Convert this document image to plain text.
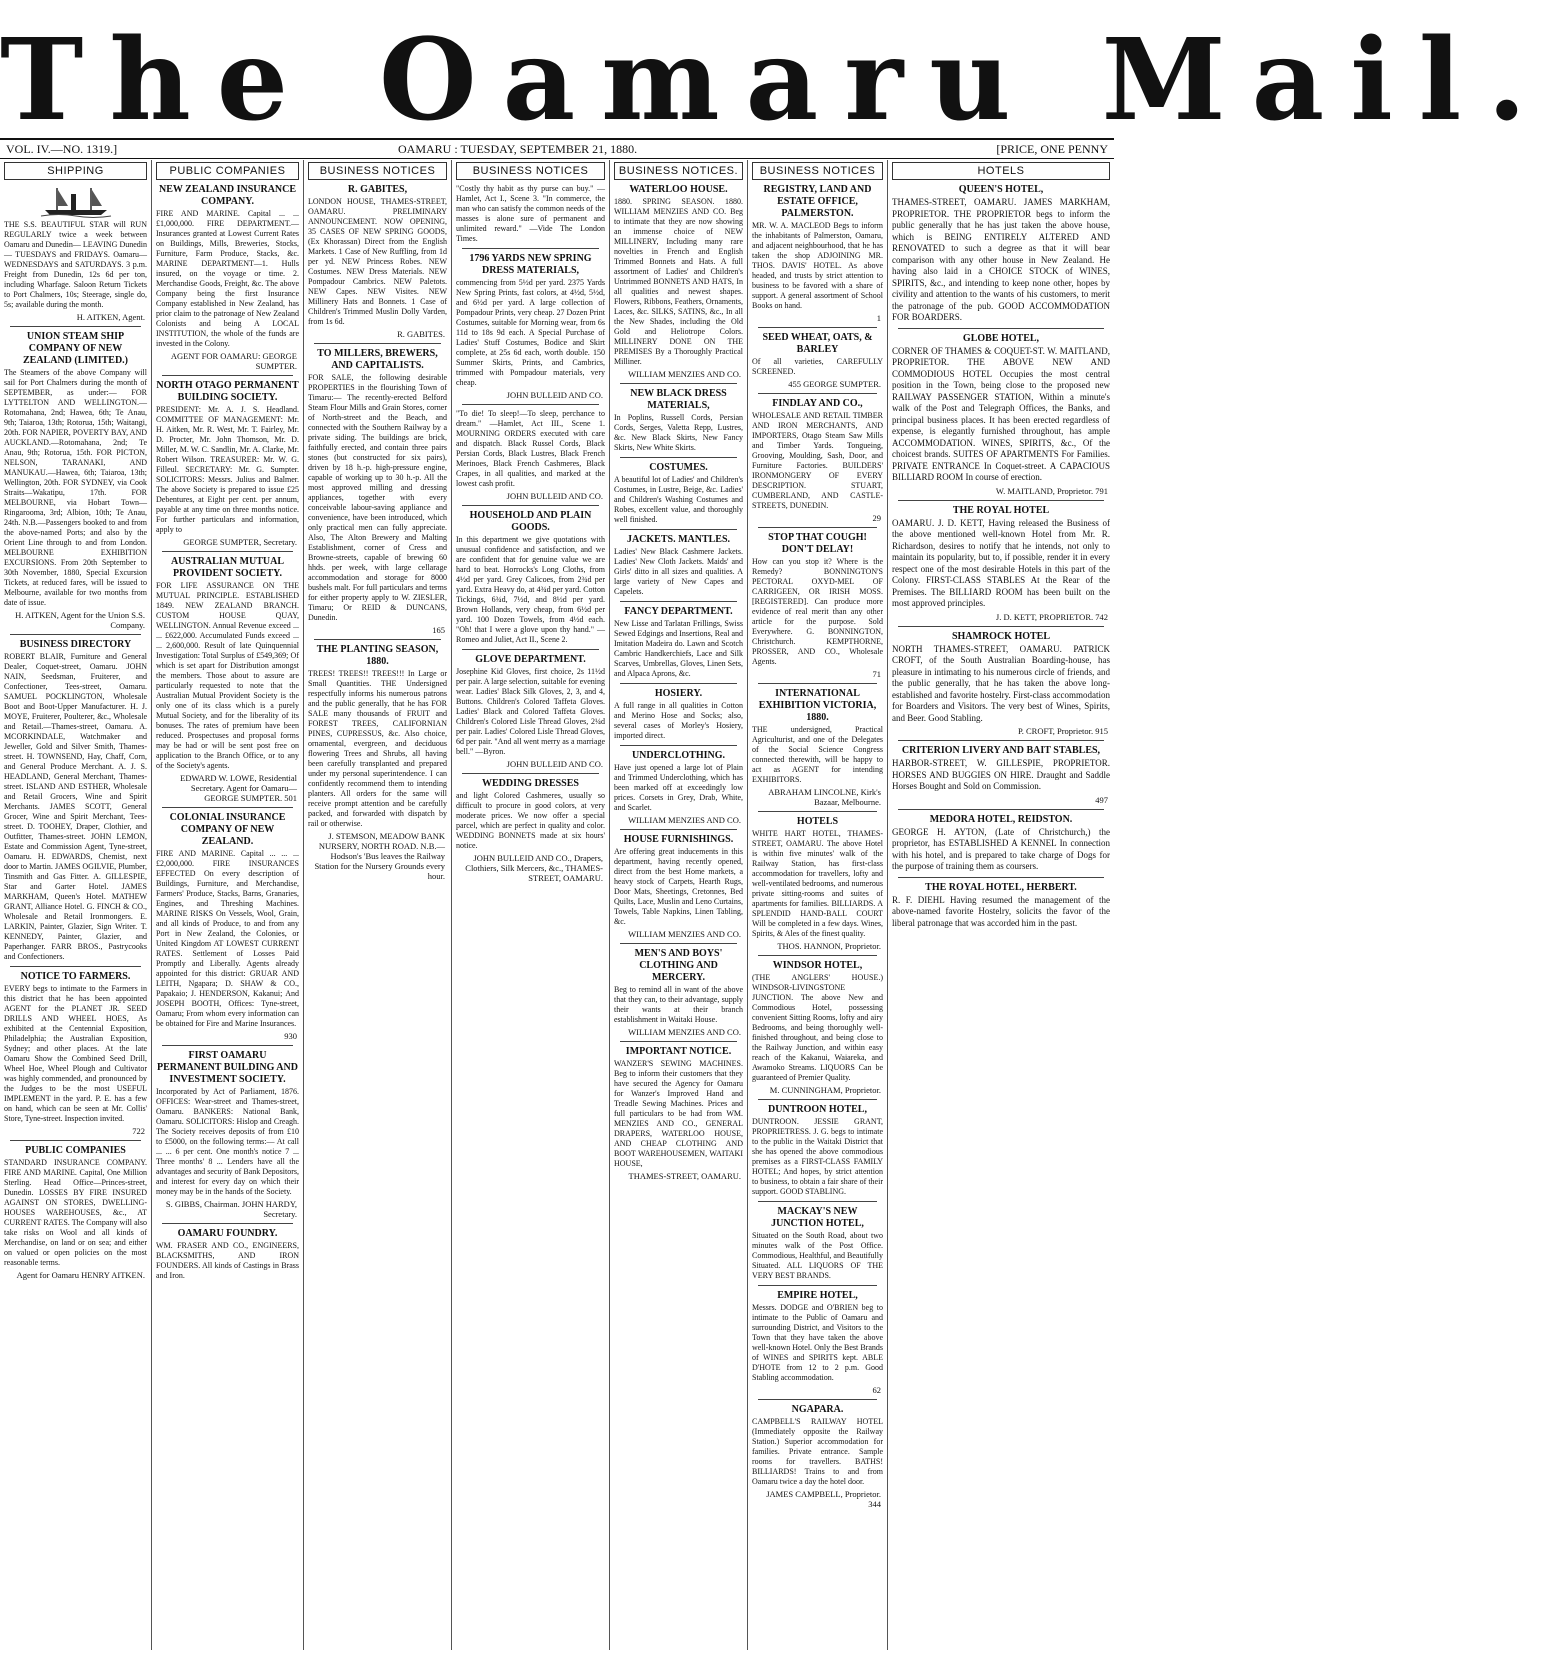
The Oamaru Mail.
VOL. IV.—NO. 1319.]	OAMARU : TUESDAY, SEPTEMBER 21, 1880.	[PRICE, ONE PENNY
SHIPPING
THE S.S. BEAUTIFUL STAR will RUN REGULARLY twice a week between Oamaru and Dunedin— LEAVING Dunedin— TUESDAYS and FRIDAYS. Oamaru— WEDNESDAYS and SATURDAYS. 3 p.m. Freight from Dunedin, 12s 6d per ton, including Wharfage. Saloon Return Tickets to Port Chalmers, 10s; Steerage, single do, 5s; available during the month.
H. AITKEN, Agent.
UNION STEAM SHIP COMPANY OF NEW ZEALAND (LIMITED.)
The Steamers of the above Company will sail for Port Chalmers during the month of SEPTEMBER, as under:— FOR LYTTELTON AND WELLINGTON.—Rotomahana, 2nd; Hawea, 6th; Te Anau, 9th; Taiaroa, 13th; Rotorua, 15th; Waitangi, 20th. FOR NAPIER, POVERTY BAY, AND AUCKLAND.—Rotomahana, 2nd; Te Anau, 9th; Rotorua, 15th. FOR PICTON, NELSON, TARANAKI, AND MANUKAU.—Hawea, 6th; Taiaroa, 13th; Wellington, 20th. FOR SYDNEY, via Cook Straits—Wakatipu, 17th. FOR MELBOURNE, via Hobart Town—Ringarooma, 3rd; Albion, 10th; Te Anau, 24th. N.B.—Passengers booked to and from the above-named Ports; and also by the Orient Line through to and from London. MELBOURNE EXHIBITION EXCURSIONS. From 20th September to 30th November, 1880, Special Excursion Tickets, at reduced fares, will be issued to Melbourne, available for two months from date of issue.
H. AITKEN, Agent for the Union S.S. Company.
BUSINESS DIRECTORY
ROBERT BLAIR, Furniture and General Dealer, Coquet-street, Oamaru. JOHN NAIN, Seedsman, Fruiterer, and Confectioner, Tees-street, Oamaru. SAMUEL POCKLINGTON, Wholesale Boot and Boot-Upper Manufacturer. H. J. MOYE, Fruiterer, Poulterer, &c., Wholesale and Retail.—Thames-street, Oamaru. A. MCORKINDALE, Watchmaker and Jeweller, Gold and Silver Smith, Thames-street. H. TOWNSEND, Hay, Chaff, Corn, and General Produce Merchant. A. J. S. HEADLAND, General Merchant, Thames-street. ISLAND AND ESTHER, Wholesale and Retail Grocers, Wine and Spirit Merchants. JAMES SCOTT, General Grocer, Wine and Spirit Merchant, Tees-street. D. TOOHEY, Draper, Clothier, and Outfitter, Thames-street. JOHN LEMON, Estate and Commission Agent, Tyne-street, Oamaru. H. EDWARDS, Chemist, next door to Martin. JAMES OGILVIE, Plumber, Tinsmith and Gas Fitter. A. GILLESPIE, Star and Garter Hotel. JAMES MARKHAM, Queen's Hotel. MATHEW GRANT, Alliance Hotel. G. FINCH & CO., Wholesale and Retail Ironmongers. E. LARKIN, Painter, Glazier, Sign Writer. T. KENNEDY, Painter, Glazier, and Paperhanger. FARR BROS., Pastrycooks and Confectioners.
NOTICE TO FARMERS.
EVERY begs to intimate to the Farmers in this district that he has been appointed AGENT for the PLANET JR. SEED DRILLS AND WHEEL HOES, As exhibited at the Centennial Exposition, Philadelphia; the Australian Exposition, Sydney; and other places. At the late Oamaru Show the Combined Seed Drill, Wheel Hoe, Wheel Plough and Cultivator was highly commended, and pronounced by the Judges to be the most USEFUL IMPLEMENT in the yard. P. E. has a few on hand, which can be seen at Mr. Collis' Store, Tyne-street. Inspection invited.
722
PUBLIC COMPANIES
STANDARD INSURANCE COMPANY. FIRE AND MARINE. Capital, One Million Sterling. Head Office—Princes-street, Dunedin. LOSSES BY FIRE INSURED AGAINST ON STORES, DWELLING-HOUSES WAREHOUSES, &c., AT CURRENT RATES. The Company will also take risks on Wool and all kinds of Merchandise, on land or on sea; and either on valued or open policies on the most reasonable terms.
Agent for Oamaru HENRY AITKEN.
PUBLIC COMPANIES
NEW ZEALAND INSURANCE COMPANY.
FIRE AND MARINE. Capital ... ... £1,000,000. FIRE DEPARTMENT.—Insurances granted at Lowest Current Rates on Buildings, Mills, Breweries, Stocks, Furniture, Farm Produce, Stacks, &c. MARINE DEPARTMENT—1. Hulls insured, on the voyage or time. 2. Merchandise Goods, Freight, &c. The above Company being the first Insurance Company established in New Zealand, has prior claim to the patronage of New Zealand Colonists and being A LOCAL INSTITUTION, the whole of the funds are invested in the Colony.
AGENT FOR OAMARU: GEORGE SUMPTER.
NORTH OTAGO PERMANENT BUILDING SOCIETY.
PRESIDENT: Mr. A. J. S. Headland. COMMITTEE OF MANAGEMENT: Mr. H. Aitken, Mr. R. West, Mr. T. Fairley, Mr. D. Procter, Mr. John Thomson, Mr. D. Miller, M. W. C. Sandlin, Mr. A. Clarke, Mr. Robert Wilson. TREASURER: Mr. W. G. Filleul. SECRETARY: Mr. G. Sumpter. SOLICITORS: Messrs. Julius and Balmer. The above Society is prepared to issue £25 Debentures, at Eight per cent. per annum, payable at any time on three months notice. For further particulars and information, apply to
GEORGE SUMPTER, Secretary.
AUSTRALIAN MUTUAL PROVIDENT SOCIETY.
FOR LIFE ASSURANCE ON THE MUTUAL PRINCIPLE. ESTABLISHED 1849. NEW ZEALAND BRANCH. CUSTOM HOUSE QUAY, WELLINGTON. Annual Revenue exceed ... ... £622,000. Accumulated Funds exceed ... ... 2,600,000. Result of late Quinquennial Investigation: Total Surplus of £549,369; Of which is set apart for Distribution amongst the members. Those about to assure are particularly requested to note that the Australian Mutual Provident Society is the only one of its class which is a purely Mutual Society, and for the liberality of its bonuses. The rates of premium have been reduced. Prospectuses and proposal forms may be had or will be sent post free on application to the Branch Office, or to any of the Society's agents.
EDWARD W. LOWE, Residential Secretary. Agent for Oamaru— GEORGE SUMPTER. 501
COLONIAL INSURANCE COMPANY OF NEW ZEALAND.
FIRE AND MARINE. Capital ... ... ... £2,000,000. FIRE INSURANCES EFFECTED On every description of Buildings, Furniture, and Merchandise, Farmers' Produce, Stacks, Barns, Granaries, Engines, and Threshing Machines. MARINE RISKS On Vessels, Wool, Grain, and all kinds of Produce, to and from any Port in New Zealand, the Colonies, or United Kingdom AT LOWEST CURRENT RATES. Settlement of Losses Paid Promptly and Liberally. Agents already appointed for this district: GRUAR AND LEITH, Ngapara; D. SHAW & CO., Papakaio; J. HENDERSON, Kakanui; And JOSEPH BOOTH, Offices: Tyne-street, Oamaru; From whom every information can be obtained for Fire and Marine Insurances.
930
FIRST OAMARU PERMANENT BUILDING AND INVESTMENT SOCIETY.
Incorporated by Act of Parliament, 1876. OFFICES: Wear-street and Thames-street, Oamaru. BANKERS: National Bank, Oamaru. SOLICITORS: Hislop and Creagh. The Society receives deposits of from £10 to £5000, on the following terms:— At call ... ... 6 per cent. One month's notice 7 ... Three months' 8 ... Lenders have all the advantages and security of Bank Depositors, and interest for every day on which their money may be in the hands of the Society.
S. GIBBS, Chairman. JOHN HARDY, Secretary.
OAMARU FOUNDRY.
WM. FRASER AND CO., ENGINEERS, BLACKSMITHS, AND IRON FOUNDERS. All kinds of Castings in Brass and Iron.
BUSINESS NOTICES
R. GABITES,
LONDON HOUSE, THAMES-STREET, OAMARU. PRELIMINARY ANNOUNCEMENT. NOW OPENING, 35 CASES OF NEW SPRING GOODS, (Ex Khorassan) Direct from the English Markets. 1 Case of New Ruffling, from 1d per yd. NEW Princess Robes. NEW Costumes. NEW Dress Materials. NEW Pompadour Cambrics. NEW Paletots. NEW Capes. NEW Visites. NEW Millinery Hats and Bonnets. 1 Case of Children's Trimmed Muslin Dolly Varden, from 1s 6d.
R. GABITES.
TO MILLERS, BREWERS, AND CAPITALISTS.
FOR SALE, the following desirable PROPERTIES in the flourishing Town of Timaru:— The recently-erected Belford Steam Flour Mills and Grain Stores, corner of North-street and the Beach, and connected with the Southern Railway by a private siding. The buildings are brick, faithfully erected, and contain three pairs stones (but constructed for six pairs), driven by 18 h.-p. high-pressure engine, capable of working up to 30 h.-p. All the most approved milling and dressing appliances, together with every conceivable labour-saving appliance and convenience, have been introduced, which only practical men can fully appreciate. Also, The Alton Brewery and Malting Establishment, corner of Cress and Browne-streets, capable of brewing 60 hhds. per week, with large cellarage accommodation and storage for 8000 bushels malt. For full particulars and terms for either property apply to W. ZIESLER, Timaru; Or REID & DUNCANS, Dunedin.
165
THE PLANTING SEASON, 1880.
TREES! TREES!! TREES!!! In Large or Small Quantities. THE Undersigned respectfully informs his numerous patrons and the public generally, that he has FOR SALE many thousands of FRUIT and FOREST TREES, CALIFORNIAN PINES, CUPRESSUS, &c. Also choice, ornamental, evergreen, and deciduous flowering Trees and Shrubs, all having been carefully transplanted and prepared under my personal superintendence. I can confidently recommend them to intending planters. All orders for the same will receive prompt attention and be carefully packed, and forwarded with dispatch by rail or otherwise.
J. STEMSON, MEADOW BANK NURSERY, NORTH ROAD. N.B.—Hodson's 'Bus leaves the Railway Station for the Nursery Grounds every hour.
BUSINESS NOTICES
"Costly thy habit as thy purse can buy." —Hamlet, Act I., Scene 3. "In commerce, the man who can satisfy the common needs of the masses is alone sure of permanent and unlimited reward." —Vide The London Times.
1796 YARDS NEW SPRING DRESS MATERIALS,
commencing from 5½d per yard. 2375 Yards New Spring Prints, fast colors, at 4½d, 5½d, and 6½d per yard. A large collection of Pompadour Prints, very cheap. 27 Dozen Print Costumes, suitable for Morning wear, from 6s 11d to 18s 9d each. A Special Purchase of Ladies' Stuff Costumes, Bodice and Skirt complete, at 25s 6d each, worth double. 150 Summer Skirts, Prints, and Cambrics, trimmed with Pompadour materials, very cheap.
JOHN BULLEID AND CO.
"To die! To sleep!—To sleep, perchance to dream." —Hamlet, Act III., Scene 1. MOURNING ORDERS executed with care and dispatch. Black Russel Cords, Black Persian Cords, Black Lustres, Black French Merinoes, Black French Cashmeres, Black Crapes, in all qualities, and marked at the lowest cash profit.
JOHN BULLEID AND CO.
HOUSEHOLD AND PLAIN GOODS.
In this department we give quotations with unusual confidence and satisfaction, and we are confident that for genuine value we are hard to beat. Horrocks's Long Cloths, from 4½d per yard. Grey Calicoes, from 2¾d per yard. Extra Heavy do, at 4¾d per yard. Cotton Tickings, 6¾d, 7½d, and 8½d per yard. Brown Hollands, very cheap, from 6½d per yard. 100 Dozen Towels, from 4½d each. "Oh! that I were a glove upon thy hand." —Romeo and Juliet, Act II., Scene 2.
GLOVE DEPARTMENT.
Josephine Kid Gloves, first choice, 2s 11½d per pair. A large selection, suitable for evening wear. Ladies' Black Silk Gloves, 2, 3, and 4, Buttons. Children's Colored Taffeta Gloves. Ladies' Black and Colored Taffeta Gloves. Children's Colored Lisle Thread Gloves, 2¼d per pair. Ladies' Colored Lisle Thread Gloves, 6d per pair. "And all went merry as a marriage bell." —Byron.
JOHN BULLEID AND CO.
WEDDING DRESSES
and light Colored Cashmeres, usually so difficult to procure in good colors, at very moderate prices. We now offer a special parcel, which are perfect in quality and color. WEDDING BONNETS made at six hours' notice.
JOHN BULLEID AND CO., Drapers, Clothiers, Silk Mercers, &c., THAMES-STREET, OAMARU.
BUSINESS NOTICES.
WATERLOO HOUSE.
1880. SPRING SEASON. 1880. WILLIAM MENZIES AND CO. Beg to intimate that they are now showing an immense choice of NEW MILLINERY, Including many rare novelties in French and English Trimmed Bonnets and Hats. A full assortment of Ladies' and Children's Untrimmed BONNETS AND HATS, In all qualities and newest shapes. Flowers, Ribbons, Feathers, Ornaments, Laces, &c. SILKS, SATINS, &c., In all the New Shades, including the Old Gold and Heliotrope Colors. MILLINERY DONE ON THE PREMISES By a Thoroughly Practical Milliner.
WILLIAM MENZIES AND CO.
NEW BLACK DRESS MATERIALS,
In Poplins, Russell Cords, Persian Cords, Serges, Valetta Repp, Lustres, &c. New Black Skirts, New Fancy Skirts, New White Skirts.
COSTUMES.
A beautiful lot of Ladies' and Children's Costumes, in Lustre, Beige, &c. Ladies' and Children's Washing Costumes and Robes, excellent value, and thoroughly well finished.
JACKETS. MANTLES.
Ladies' New Black Cashmere Jackets. Ladies' New Cloth Jackets. Maids' and Girls' ditto in all sizes and qualities. A large variety of New Capes and Capelets.
FANCY DEPARTMENT.
New Lisse and Tarlatan Frillings, Swiss Sewed Edgings and Insertions, Real and Imitation Madeira do. Lawn and Scotch Cambric Handkerchiefs, Lace and Silk Scarves, Umbrellas, Gloves, Linen Sets, and Alpaca Aprons, &c.
HOSIERY.
A full range in all qualities in Cotton and Merino Hose and Socks; also, several cases of Morley's Hosiery, imported direct.
UNDERCLOTHING.
Have just opened a large lot of Plain and Trimmed Underclothing, which has been marked off at exceedingly low prices. Corsets in Grey, Drab, White, and Scarlet.
WILLIAM MENZIES AND CO.
HOUSE FURNISHINGS.
Are offering great inducements in this department, having recently opened, direct from the best Home markets, a heavy stock of Carpets, Hearth Rugs, Door Mats, Sheetings, Cretonnes, Bed Quilts, Lace, Muslin and Leno Curtains, Towels, Table Napkins, Linen Tabling, &c.
WILLIAM MENZIES AND CO.
MEN'S AND BOYS' CLOTHING AND MERCERY.
Beg to remind all in want of the above that they can, to their advantage, supply their wants at their branch establishment in Waitaki House.
WILLIAM MENZIES AND CO.
IMPORTANT NOTICE.
WANZER'S SEWING MACHINES. Beg to inform their customers that they have secured the Agency for Oamaru for Wanzer's Improved Hand and Treadle Sewing Machines. Prices and full particulars to be had from WM. MENZIES AND CO., GENERAL DRAPERS, WATERLOO HOUSE, AND CHEAP CLOTHING AND BOOT WAREHOUSEMEN, WAITAKI HOUSE,
THAMES-STREET, OAMARU.
BUSINESS NOTICES
REGISTRY, LAND AND ESTATE OFFICE, PALMERSTON.
MR. W. A. MACLEOD Begs to inform the inhabitants of Palmerston, Oamaru, and adjacent neighbourhood, that he has taken the shop ADJOINING MR. THOS. DAVIS' HOTEL. As above headed, and trusts by strict attention to business to be favored with a share of support. A general assortment of School Books on hand.
1
SEED WHEAT, OATS, & BARLEY
Of all varieties, CAREFULLY SCREENED.
455 GEORGE SUMPTER.
FINDLAY AND CO.,
WHOLESALE AND RETAIL TIMBER AND IRON MERCHANTS, AND IMPORTERS, Otago Steam Saw Mills and Timber Yards. Tongueing, Grooving, Moulding, Sash, Door, and Furniture Factories. BUILDERS' IRONMONGERY OF EVERY DESCRIPTION. STUART, CUMBERLAND, AND CASTLE-STREETS, DUNEDIN.
29
STOP THAT COUGH! DON'T DELAY!
How can you stop it? Where is the Remedy? BONNINGTON'S PECTORAL OXYD-MEL OF CARRIGEEN, OR IRISH MOSS. [REGISTERED]. Can produce more evidence of real merit than any other article for the purpose. Sold Everywhere. G. BONNINGTON, Christchurch. KEMPTHORNE, PROSSER, AND CO., Wholesale Agents.
71
INTERNATIONAL EXHIBITION VICTORIA, 1880.
THE undersigned, Practical Agriculturist, and one of the Delegates of the Social Science Congress connected therewith, will be happy to act as AGENT for intending EXHIBITORS.
ABRAHAM LINCOLNE, Kirk's Bazaar, Melbourne.
HOTELS
WHITE HART HOTEL, THAMES-STREET, OAMARU. The above Hotel is within five minutes' walk of the Railway Station, has first-class accommodation for travellers, lofty and well-ventilated bedrooms, and numerous private sitting-rooms and suites of apartments for families. BILLIARDS. A SPLENDID HAND-BALL COURT Will be completed in a few days. Wines, Spirits, & Ales of the finest quality.
THOS. HANNON, Proprietor.
WINDSOR HOTEL,
(THE ANGLERS' HOUSE.) WINDSOR-LIVINGSTONE JUNCTION. The above New and Commodious Hotel, possessing convenient Sitting Rooms, lofty and airy Bedrooms, and being thoroughly well-finished throughout, and being close to the Railway Junction, and within easy reach of the Kakanui, Waiareka, and Awamoko Streams. LIQUORS Can be guaranteed of Premier Quality.
M. CUNNINGHAM, Proprietor.
DUNTROON HOTEL,
DUNTROON. JESSIE GRANT, PROPRIETRESS. J. G. begs to intimate to the public in the Waitaki District that she has opened the above commodious premises as a FIRST-CLASS FAMILY HOTEL; And hopes, by strict attention to business, to obtain a fair share of their support. GOOD STABLING.
MACKAY'S NEW JUNCTION HOTEL,
Situated on the South Road, about two minutes walk of the Post Office. Commodious, Healthful, and Beautifully Situated. ALL LIQUORS OF THE VERY BEST BRANDS.
EMPIRE HOTEL,
Messrs. DODGE and O'BRIEN beg to intimate to the Public of Oamaru and surrounding District, and Visitors to the Town that they have taken the above well-known Hotel. Only the Best Brands of WINES and SPIRITS kept. ABLE D'HOTE from 12 to 2 p.m. Good Stabling accommodation.
62
NGAPARA.
CAMPBELL'S RAILWAY HOTEL (Immediately opposite the Railway Station.) Superior accommodation for families. Private entrance. Sample rooms for travellers. BATHS! BILLIARDS! Trains to and from Oamaru twice a day the hotel door.
JAMES CAMPBELL, Proprietor. 344
HOTELS
QUEEN'S HOTEL,
THAMES-STREET, OAMARU. JAMES MARKHAM, PROPRIETOR. THE PROPRIETOR begs to inform the public generally that he has just taken the above house, which is BEING ENTIRELY ALTERED AND RENOVATED to such a degree as that it will bear comparison with any other house in New Zealand. He having also laid in a CHOICE STOCK of WINES, SPIRITS, &c., and intending to keep none other, hopes by civility and attention to the wants of his customers, to merit the patronage of the pub. GOOD ACCOMMODATION FOR BOARDERS.
GLOBE HOTEL,
CORNER OF THAMES & COQUET-ST. W. MAITLAND, PROPRIETOR. THE ABOVE NEW AND COMMODIOUS HOTEL Occupies the most central position in the Town, being close to the proposed new RAILWAY PASSENGER STATION, Within a minute's walk of the Post and Telegraph Offices, the Banks, and principal business places. It has been erected regardless of expense, is elegantly furnished throughout, has ample ACCOMMODATION. WINES, SPIRITS, &c., Of the choicest brands. SUITES OF APARTMENTS For Families. PRIVATE ENTRANCE In Coquet-street. A CAPACIOUS BILLIARD ROOM In course of erection.
W. MAITLAND, Proprietor. 791
THE ROYAL HOTEL
OAMARU. J. D. KETT, Having released the Business of the above mentioned well-known Hotel from Mr. R. Richardson, desires to notify that he intends, not only to maintain its popularity, but to, if possible, render it in every respect one of the most desirable Hotels in this part of the Colony. FIRST-CLASS STABLES At the Rear of the Premises. The BILLIARD ROOM has been built on the most approved principles.
J. D. KETT, PROPRIETOR. 742
SHAMROCK HOTEL
NORTH THAMES-STREET, OAMARU. PATRICK CROFT, of the South Australian Boarding-house, has pleasure in intimating to his numerous circle of friends, and the public generally, that he has taken the above long-established and favorite hostelry. First-class accommodation for Boarders and Visitors. The very best of Wines, Spirits, and Beer. Good Stabling.
P. CROFT, Proprietor. 915
CRITERION LIVERY AND BAIT STABLES,
HARBOR-STREET, W. GILLESPIE, PROPRIETOR. HORSES AND BUGGIES ON HIRE. Draught and Saddle Horses Bought and Sold on Commission.
497
MEDORA HOTEL, REIDSTON.
GEORGE H. AYTON, (Late of Christchurch,) the proprietor, has ESTABLISHED A KENNEL In connection with his hotel, and is prepared to take charge of Dogs for the purpose of training them as coursers.
THE ROYAL HOTEL, HERBERT.
R. F. DIEHL Having resumed the management of the above-named favorite Hostelry, solicits the favor of the liberal patronage that was accorded him in the past.
